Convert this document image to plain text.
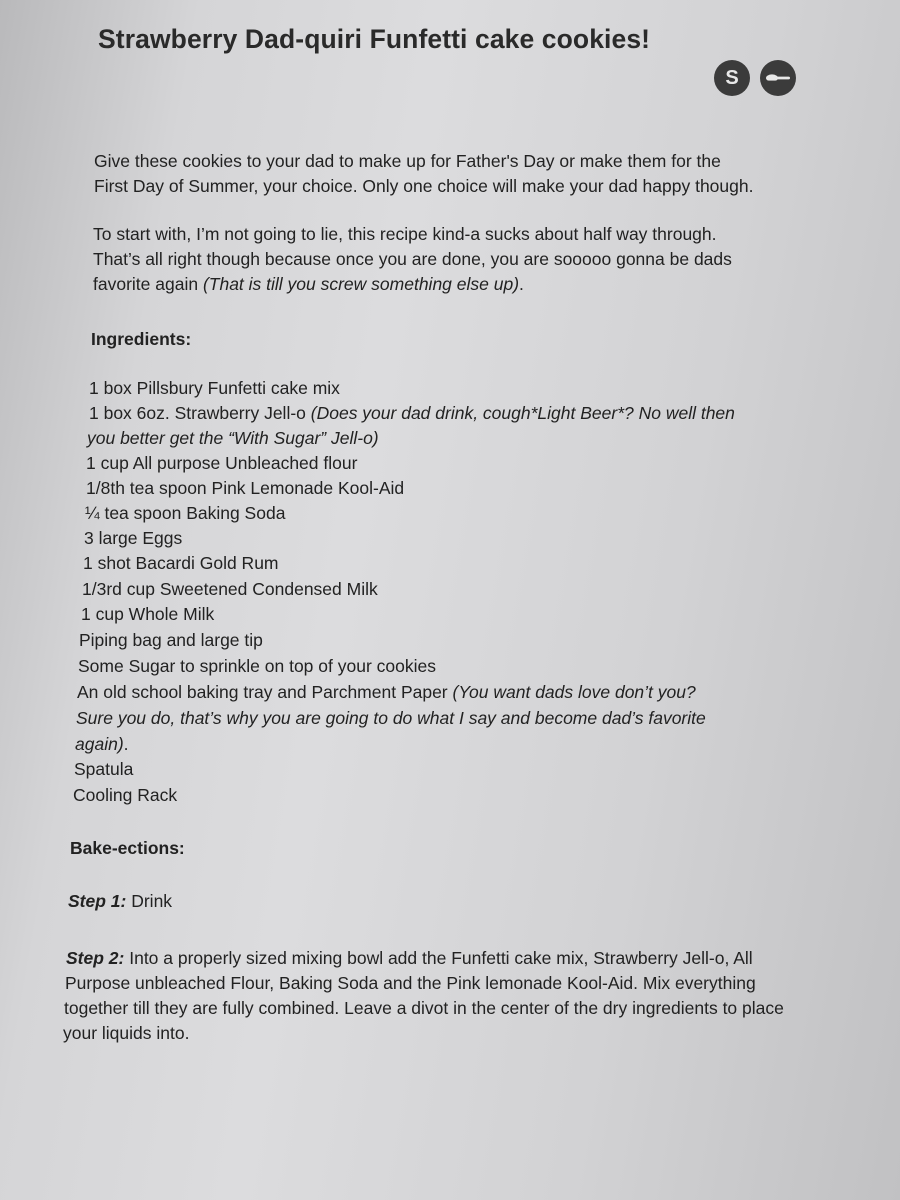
Strawberry Dad-quiri Funfetti cake cookies!
S
Give these cookies to your dad to make up for Father's Day or make them for the
First Day of Summer, your choice. Only one choice will make your dad happy though.
To start with, I’m not going to lie, this recipe kind-a sucks about half way through.
That’s all right though because once you are done, you are sooooo gonna be dads
favorite again (That is till you screw something else up).
Ingredients:
1 box Pillsbury Funfetti cake mix
1 box 6oz. Strawberry Jell-o (Does your dad drink, cough*Light Beer*? No well then
you better get the “With Sugar” Jell-o)
1 cup All purpose Unbleached flour
1/8th tea spoon Pink Lemonade Kool-Aid
¼ tea spoon Baking Soda
3 large Eggs
1 shot Bacardi Gold Rum
1/3rd cup Sweetened Condensed Milk
1 cup Whole Milk
Piping bag and large tip
Some Sugar to sprinkle on top of your cookies
An old school baking tray and Parchment Paper (You want dads love don’t you?
Sure you do, that’s why you are going to do what I say and become dad’s favorite
again).
Spatula
Cooling Rack
Bake-ections:
Step 1: Drink
Step 2: Into a properly sized mixing bowl add the Funfetti cake mix, Strawberry Jell-o, All
Purpose unbleached Flour, Baking Soda and the Pink lemonade Kool-Aid. Mix everything
together till they are fully combined. Leave a divot in the center of the dry ingredients to place
your liquids into.
